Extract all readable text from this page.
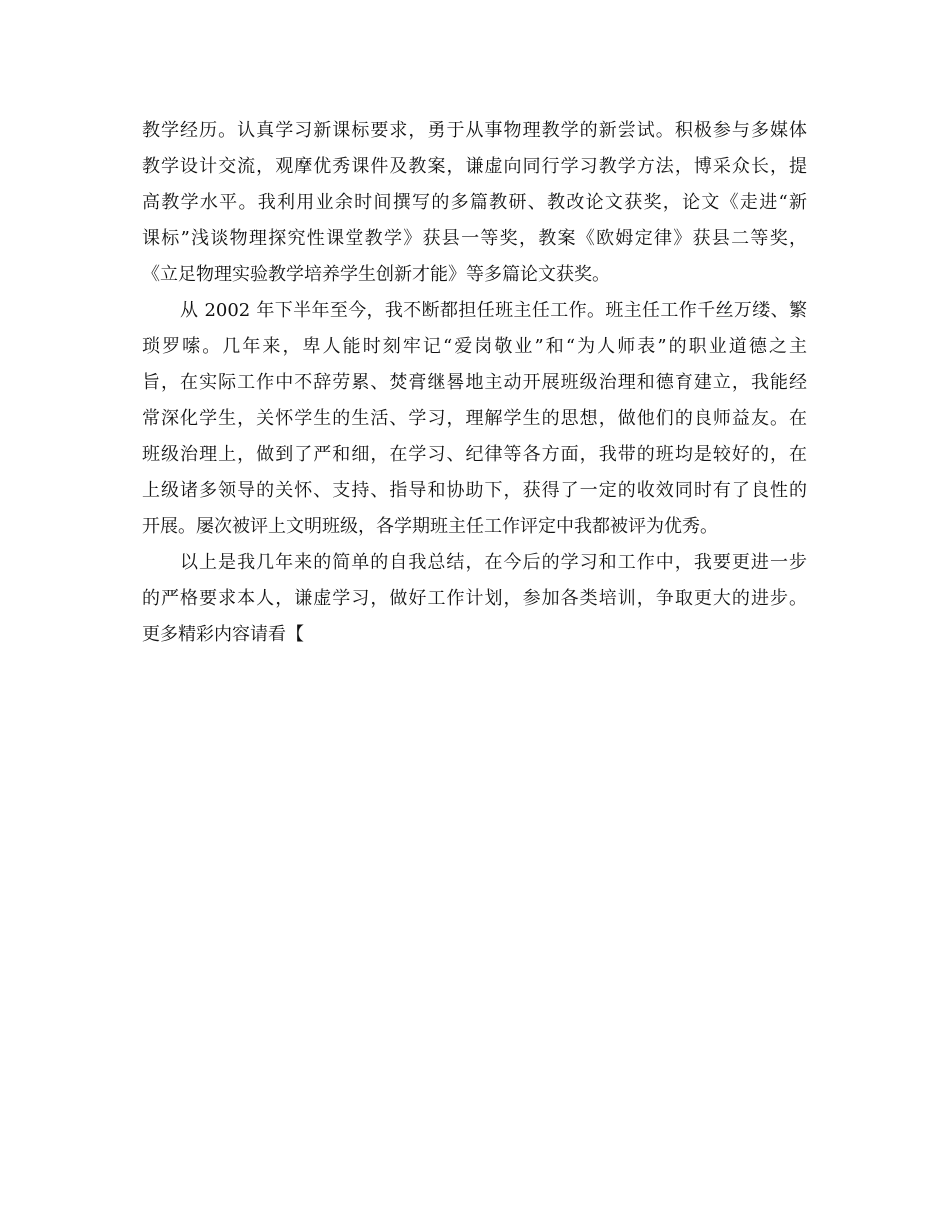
教学经历。认真学习新课标要求，勇于从事物理教学的新尝试。积极参与多媒体
教学设计交流，观摩优秀课件及教案，谦虚向同行学习教学方法，博采众长，提
高教学水平。我利用业余时间撰写的多篇教研、教改论文获奖，论文《走进“新
课标”浅谈物理探究性课堂教学》获县一等奖，教案《欧姆定律》获县二等奖，
《立足物理实验教学培养学生创新才能》等多篇论文获奖。
从 2002 年下半年至今，我不断都担任班主任工作。班主任工作千丝万缕、繁
琐罗嗦。几年来，卑人能时刻牢记“爱岗敬业”和“为人师表”的职业道德之主
旨，在实际工作中不辞劳累、焚膏继晷地主动开展班级治理和德育建立，我能经
常深化学生，关怀学生的生活、学习，理解学生的思想，做他们的良师益友。在
班级治理上，做到了严和细，在学习、纪律等各方面，我带的班均是较好的，在
上级诸多领导的关怀、支持、指导和协助下，获得了一定的收效同时有了良性的
开展。屡次被评上文明班级，各学期班主任工作评定中我都被评为优秀。
以上是我几年来的简单的自我总结，在今后的学习和工作中，我要更进一步
的严格要求本人，谦虚学习，做好工作计划，参加各类培训，争取更大的进步。
更多精彩内容请看【
